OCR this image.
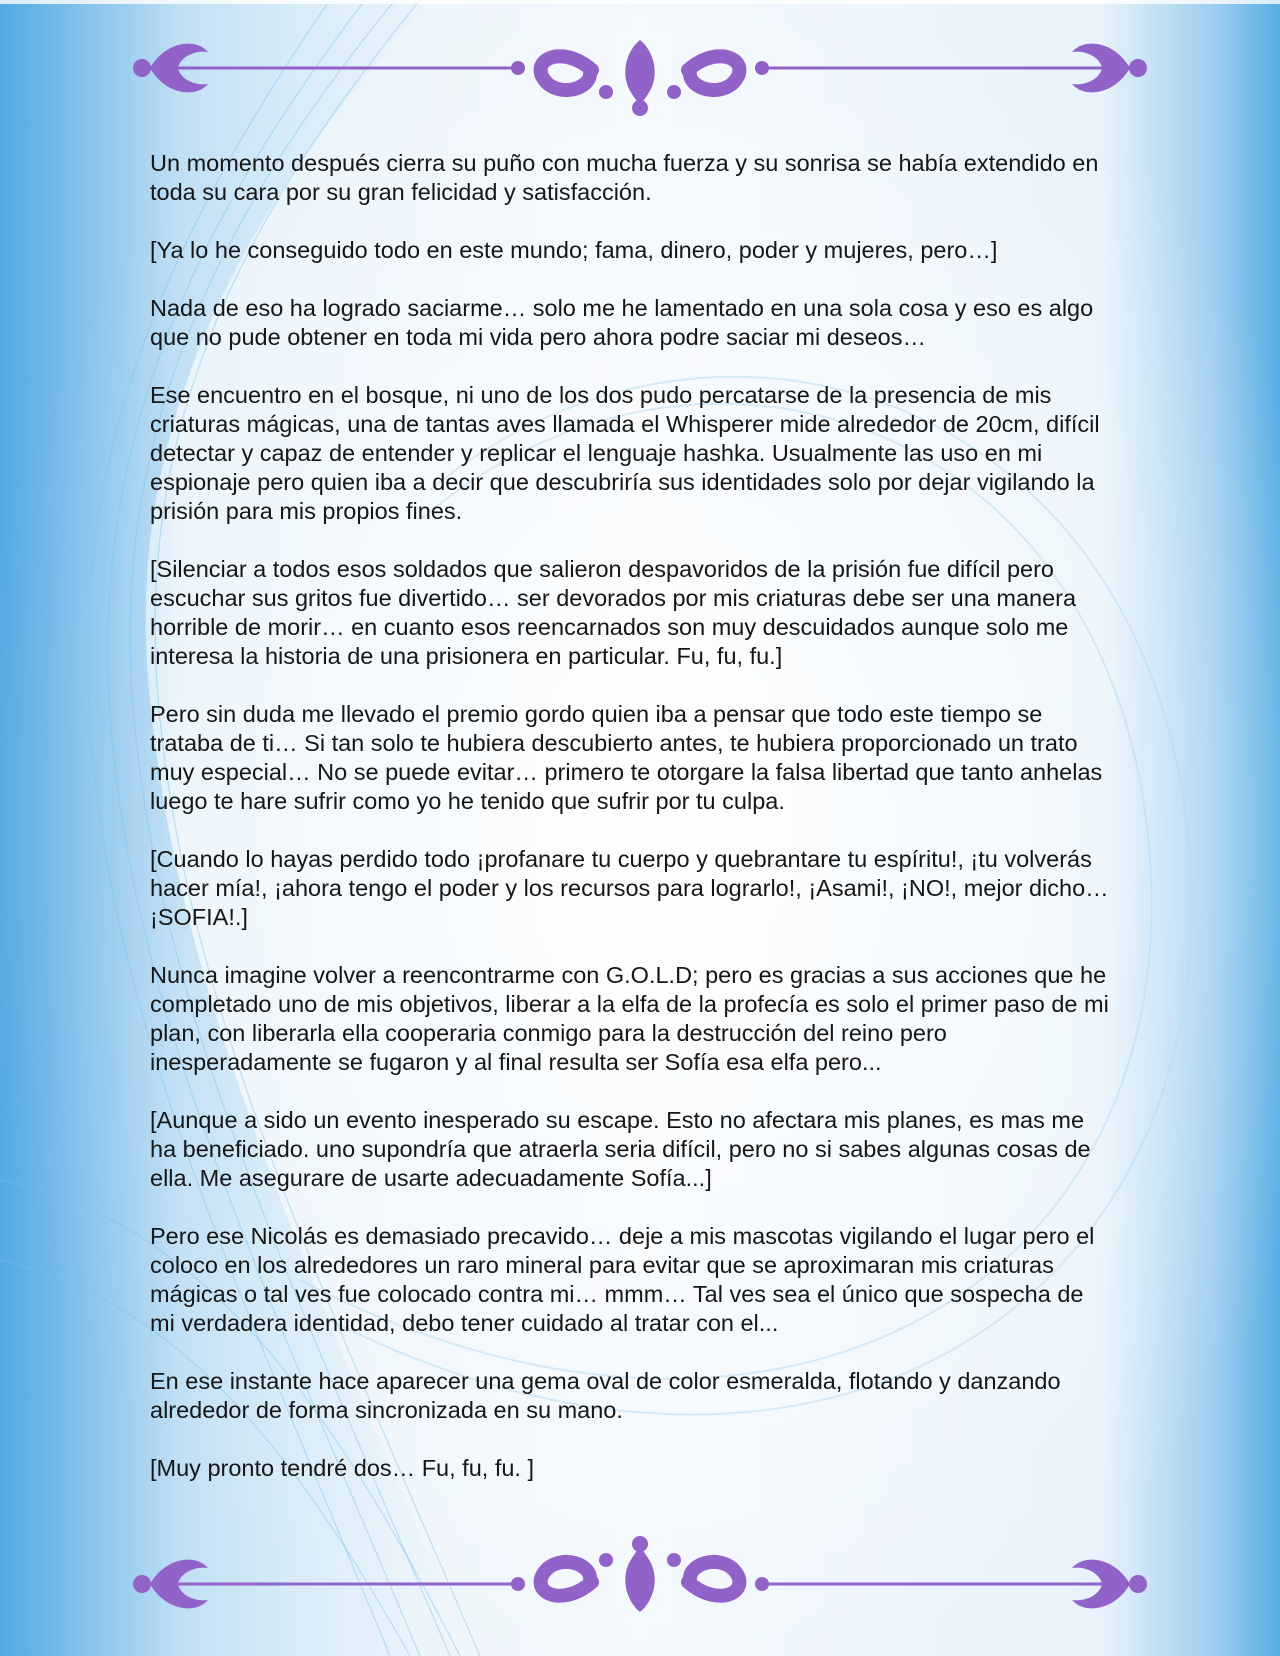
Un momento después cierra su puño con mucha fuerza y su sonrisa se había extendido en toda su cara por su gran felicidad y satisfacción.

[Ya lo he conseguido todo en este mundo; fama, dinero, poder y mujeres, pero…]

Nada de eso ha logrado saciarme… solo me he lamentado en una sola cosa y eso es algo que no pude obtener en toda mi vida pero ahora podre saciar mi deseos…

Ese encuentro en el bosque, ni uno de los dos pudo percatarse de la presencia de mis criaturas mágicas, una de tantas aves llamada el Whisperer mide alrededor de 20cm, difícil detectar y capaz de entender y replicar el lenguaje hashka. Usualmente las uso en mi espionaje pero quien iba a decir que descubriría sus identidades solo por dejar vigilando la prisión para mis propios fines.

[Silenciar a todos esos soldados que salieron despavoridos de la prisión fue difícil pero escuchar sus gritos fue divertido… ser devorados por mis criaturas debe ser una manera horrible de morir… en cuanto esos reencarnados son muy descuidados aunque solo me interesa la historia de una prisionera en particular. Fu, fu, fu.]

Pero sin duda me llevado el premio gordo quien iba a pensar que todo este tiempo se trataba de ti… Si tan solo te hubiera descubierto antes, te hubiera proporcionado un trato muy especial… No se puede evitar… primero te otorgare la falsa libertad que tanto anhelas luego te hare sufrir como yo he tenido que sufrir por tu culpa.

[Cuando lo hayas perdido todo ¡profanare tu cuerpo y quebrantare tu espíritu!, ¡tu volverás hacer mía!, ¡ahora tengo el poder y los recursos para lograrlo!, ¡Asami!, ¡NO!, mejor dicho… ¡SOFIA!.]

Nunca imagine volver a reencontrarme con G.O.L.D; pero es gracias a sus acciones que he completado uno de mis objetivos, liberar a la elfa de la profecía es solo el primer paso de mi plan, con liberarla ella cooperaria conmigo para la destrucción del reino pero inesperadamente se fugaron y al final resulta ser Sofía esa elfa pero...

[Aunque a sido un evento inesperado su escape. Esto no afectara mis planes, es mas me ha beneficiado. uno supondría que atraerla seria difícil, pero no si sabes algunas cosas de ella. Me asegurare de usarte adecuadamente Sofía...]

Pero ese Nicolás es demasiado precavido… deje a mis mascotas vigilando el lugar pero el coloco en los alrededores un raro mineral para evitar que se aproximaran mis criaturas mágicas o tal ves fue colocado contra mi… mmm… Tal ves sea el único que sospecha de mi verdadera identidad, debo tener cuidado al tratar con el...

En ese instante hace aparecer una gema oval de color esmeralda, flotando y danzando alrededor de forma sincronizada en su mano.

[Muy pronto tendré dos… Fu, fu, fu. ]
